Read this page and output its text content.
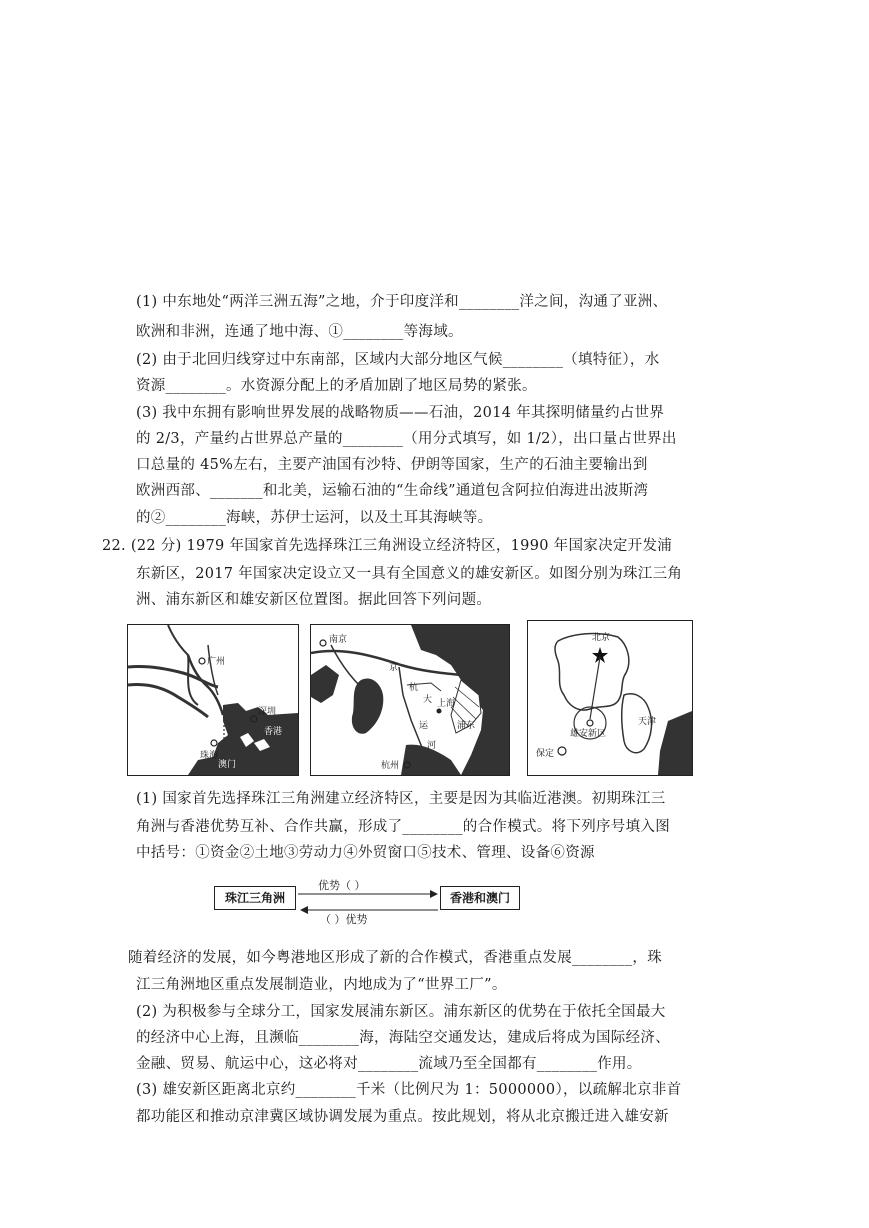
(1) 中东地处“两洋三洲五海”之地，介于印度洋和________洋之间，沟通了亚洲、
欧洲和非洲，连通了地中海、①________等海域。
(2) 由于北回归线穿过中东南部，区域内大部分地区气候________（填特征），水
资源________。水资源分配上的矛盾加剧了地区局势的紧张。
(3) 我中东拥有影响世界发展的战略物质——石油，2014 年其探明储量约占世界
的 2/3，产量约占世界总产量的________（用分式填写，如 1/2），出口量占世界出
口总量的 45%左右，主要产油国有沙特、伊朗等国家，生产的石油主要输出到
欧洲西部、_______和北美，运输石油的“生命线”通道包含阿拉伯海进出波斯湾
的②________海峡，苏伊士运河，以及土耳其海峡等。
22. (22 分) 1979 年国家首先选择珠江三角洲设立经济特区，1990 年国家决定开发浦
东新区，2017 年国家决定设立又一具有全国意义的雄安新区。如图分别为珠江三角
洲、浦东新区和雄安新区位置图。据此回答下列问题。
广州
深圳
香港
珠海
澳门
南京
京
杭
大 上海
浦东
运
河
杭州
北京
天津
雄安新区
保定
(1) 国家首先选择珠江三角洲建立经济特区，主要是因为其临近港澳。初期珠江三
角洲与香港优势互补、合作共赢，形成了________的合作模式。将下列序号填入图
中括号：①资金②土地③劳动力④外贸窗口⑤技术、管理、设备⑥资源
珠江三角洲	香港和澳门
优势（ ）
（ ）优势
随着经济的发展，如今粤港地区形成了新的合作模式，香港重点发展________，珠
江三角洲地区重点发展制造业，内地成为了“世界工厂”。
(2) 为积极参与全球分工，国家发展浦东新区。浦东新区的优势在于依托全国最大
的经济中心上海，且濒临________海，海陆空交通发达，建成后将成为国际经济、
金融、贸易、航运中心，这必将对________流域乃至全国都有________作用。
(3) 雄安新区距离北京约________千米（比例尺为 1：5000000），以疏解北京非首
都功能区和推动京津冀区域协调发展为重点。按此规划，将从北京搬迁进入雄安新
